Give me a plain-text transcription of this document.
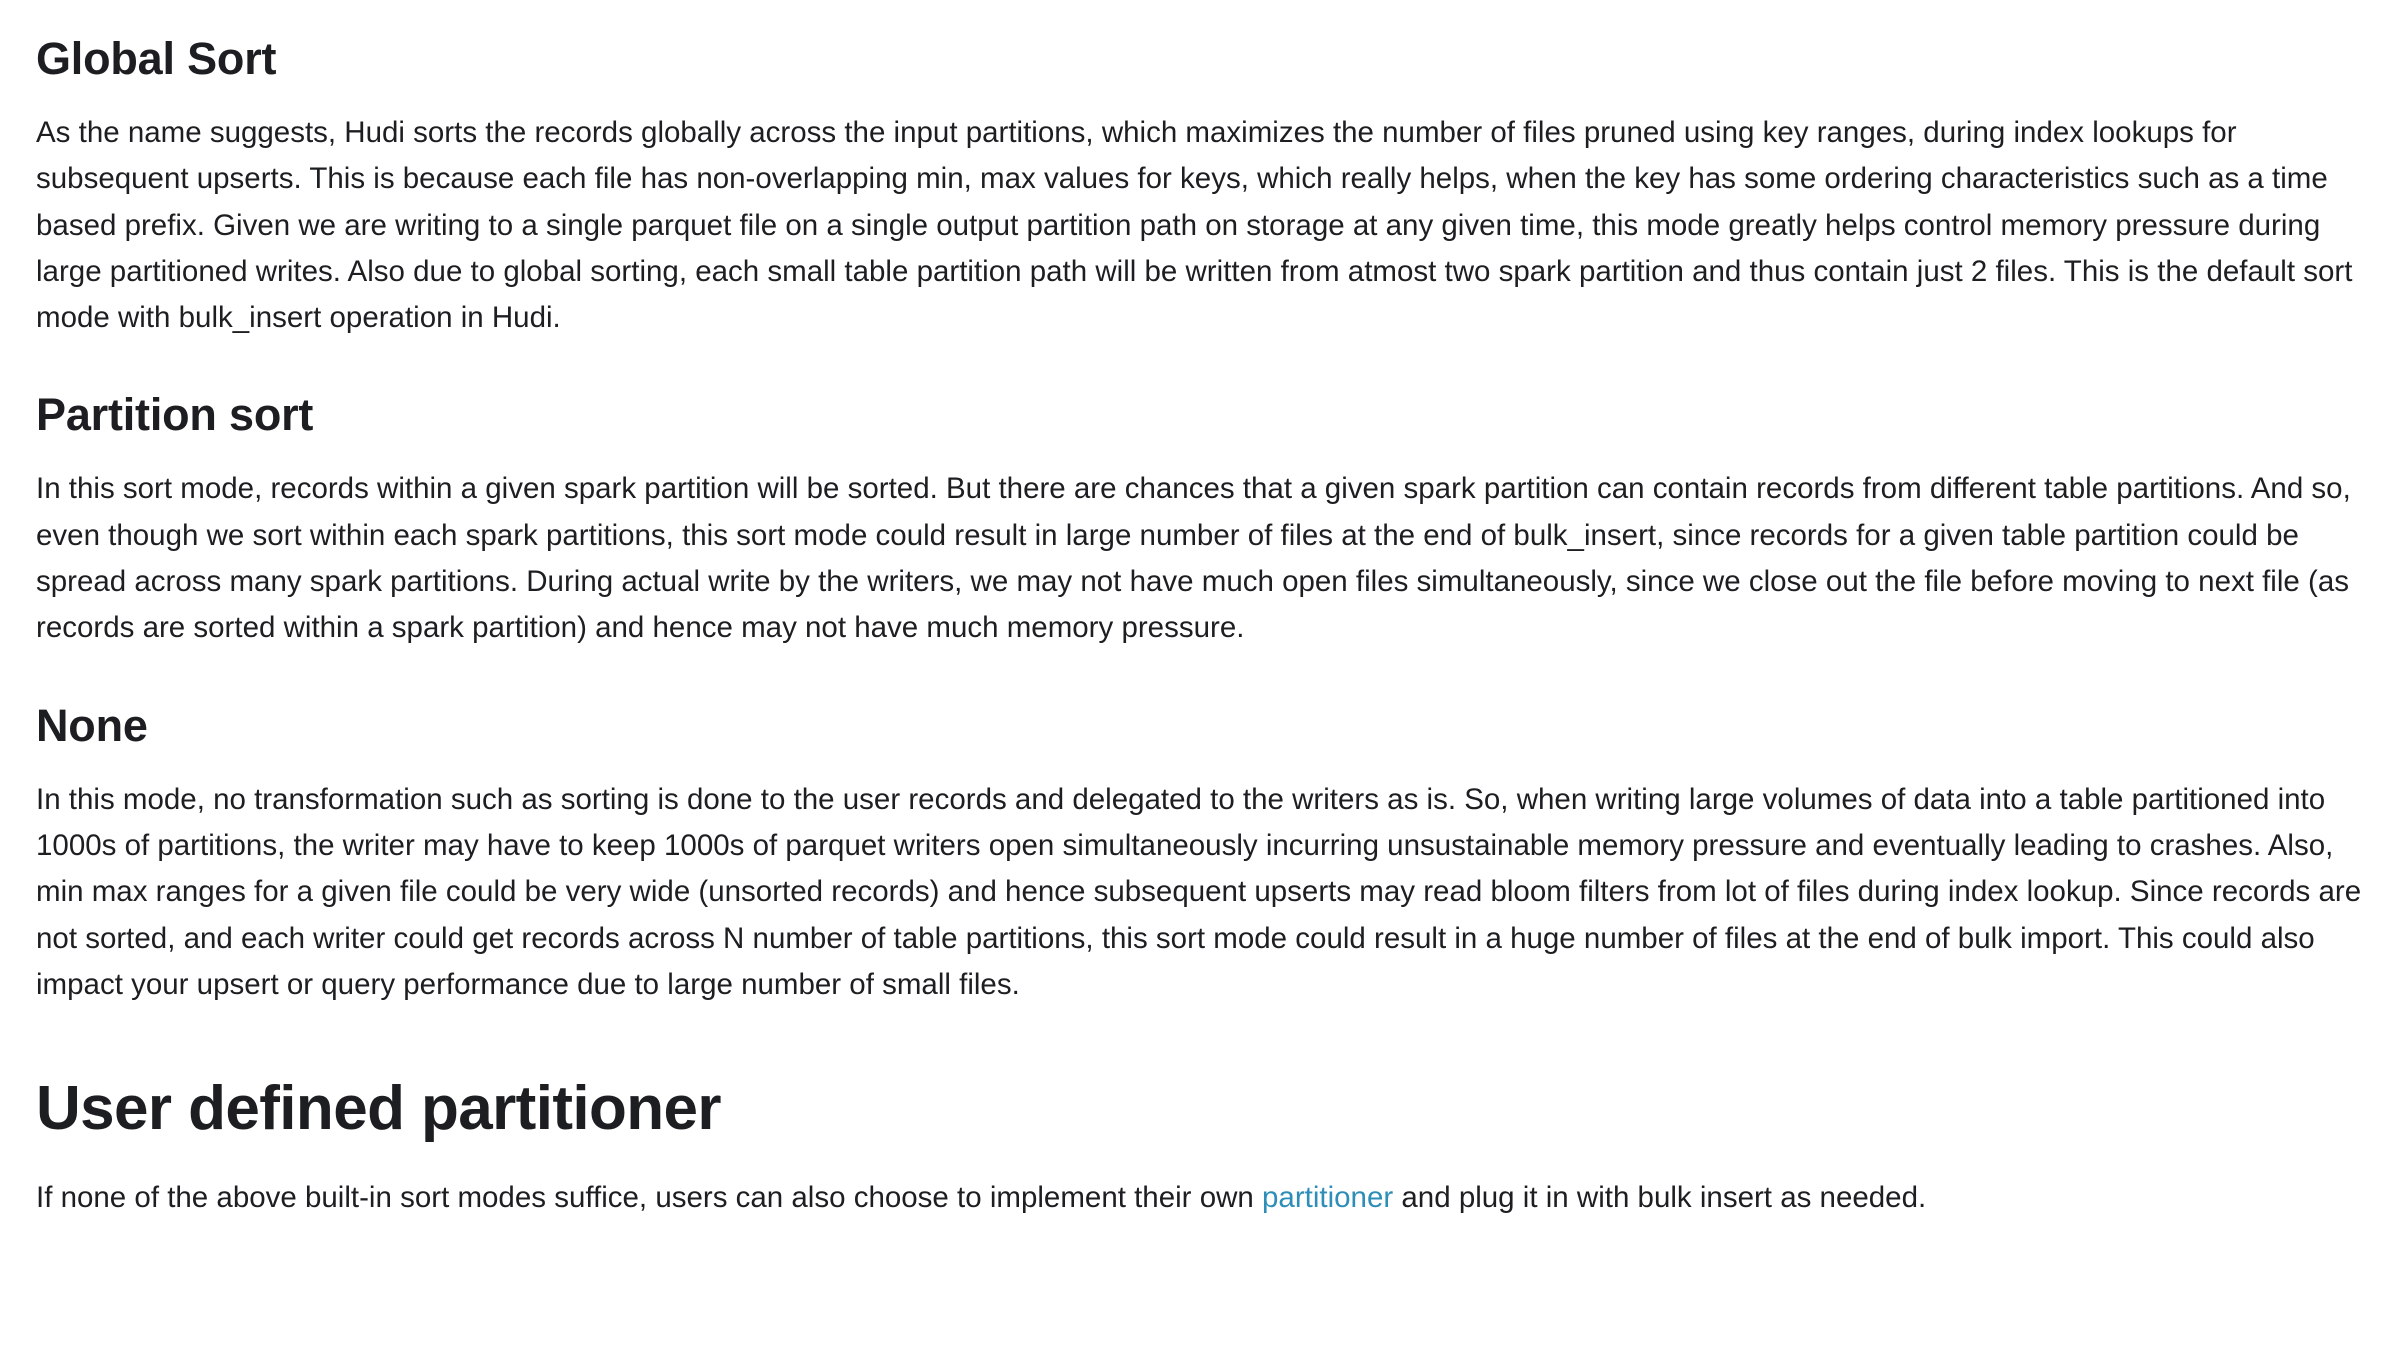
Global Sort

As the name suggests, Hudi sorts the records globally across the input partitions, which maximizes the number of files pruned using key ranges, during index lookups for subsequent upserts. This is because each file has non-overlapping min, max values for keys, which really helps, when the key has some ordering characteristics such as a time based prefix. Given we are writing to a single parquet file on a single output partition path on storage at any given time, this mode greatly helps control memory pressure during large partitioned writes. Also due to global sorting, each small table partition path will be written from atmost two spark partition and thus contain just 2 files. This is the default sort mode with bulk_insert operation in Hudi.

Partition sort

In this sort mode, records within a given spark partition will be sorted. But there are chances that a given spark partition can contain records from different table partitions. And so, even though we sort within each spark partitions, this sort mode could result in large number of files at the end of bulk_insert, since records for a given table partition could be spread across many spark partitions. During actual write by the writers, we may not have much open files simultaneously, since we close out the file before moving to next file (as records are sorted within a spark partition) and hence may not have much memory pressure.

None

In this mode, no transformation such as sorting is done to the user records and delegated to the writers as is. So, when writing large volumes of data into a table partitioned into 1000s of partitions, the writer may have to keep 1000s of parquet writers open simultaneously incurring unsustainable memory pressure and eventually leading to crashes. Also, min max ranges for a given file could be very wide (unsorted records) and hence subsequent upserts may read bloom filters from lot of files during index lookup. Since records are not sorted, and each writer could get records across N number of table partitions, this sort mode could result in a huge number of files at the end of bulk import. This could also impact your upsert or query performance due to large number of small files.

User defined partitioner

If none of the above built-in sort modes suffice, users can also choose to implement their own partitioner and plug it in with bulk insert as needed.
